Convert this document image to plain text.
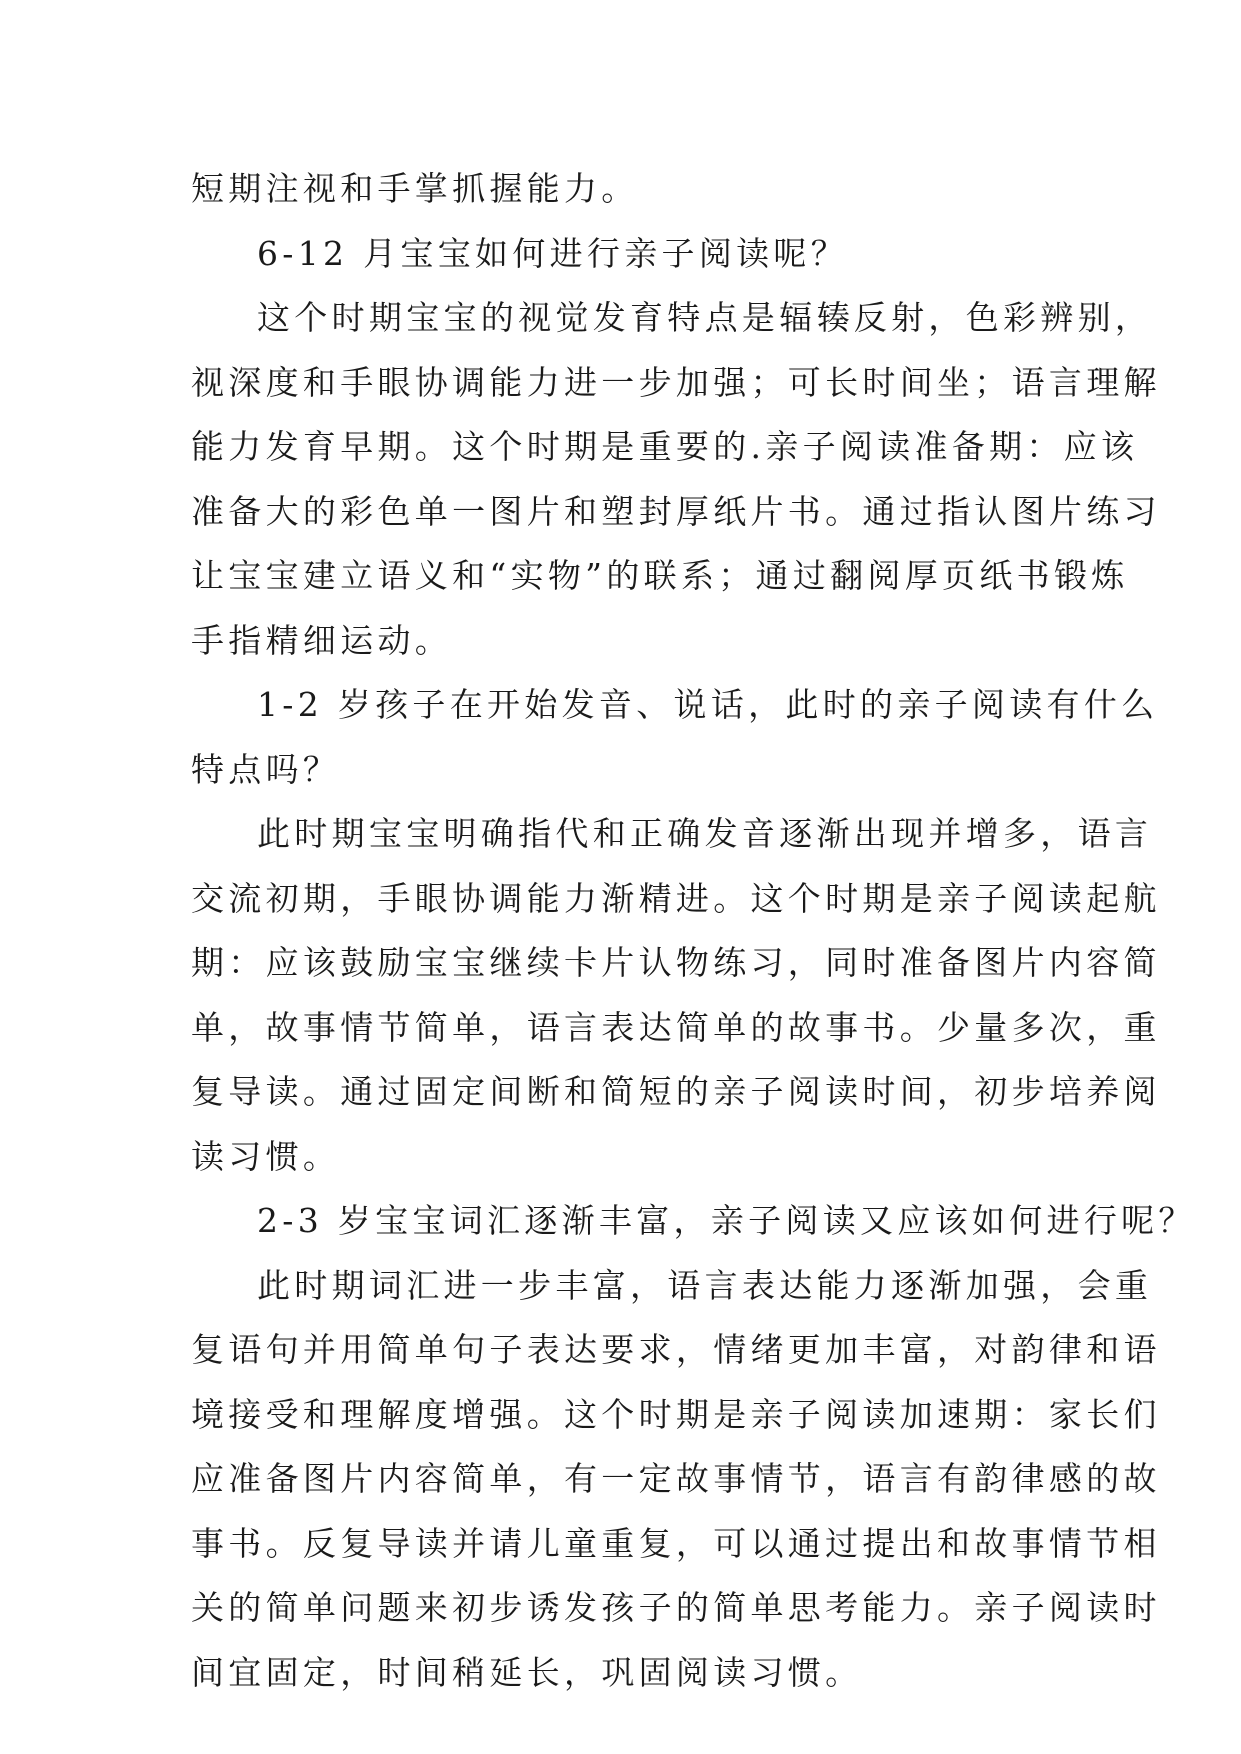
短期注视和手掌抓握能力。
6-12 月宝宝如何进行亲子阅读呢？
这个时期宝宝的视觉发育特点是辐辏反射，色彩辨别，
视深度和手眼协调能力进一步加强；可长时间坐；语言理解
能力发育早期。这个时期是重要的.亲子阅读准备期：应该
准备大的彩色单一图片和塑封厚纸片书。通过指认图片练习
让宝宝建立语义和“实物”的联系；通过翻阅厚页纸书锻炼
手指精细运动。
1-2 岁孩子在开始发音、说话，此时的亲子阅读有什么
特点吗？
此时期宝宝明确指代和正确发音逐渐出现并增多，语言
交流初期，手眼协调能力渐精进。这个时期是亲子阅读起航
期：应该鼓励宝宝继续卡片认物练习，同时准备图片内容简
单，故事情节简单，语言表达简单的故事书。少量多次，重
复导读。通过固定间断和简短的亲子阅读时间，初步培养阅
读习惯。
2-3 岁宝宝词汇逐渐丰富，亲子阅读又应该如何进行呢？
此时期词汇进一步丰富，语言表达能力逐渐加强，会重
复语句并用简单句子表达要求，情绪更加丰富，对韵律和语
境接受和理解度增强。这个时期是亲子阅读加速期：家长们
应准备图片内容简单，有一定故事情节，语言有韵律感的故
事书。反复导读并请儿童重复，可以通过提出和故事情节相
关的简单问题来初步诱发孩子的简单思考能力。亲子阅读时
间宜固定，时间稍延长，巩固阅读习惯。
